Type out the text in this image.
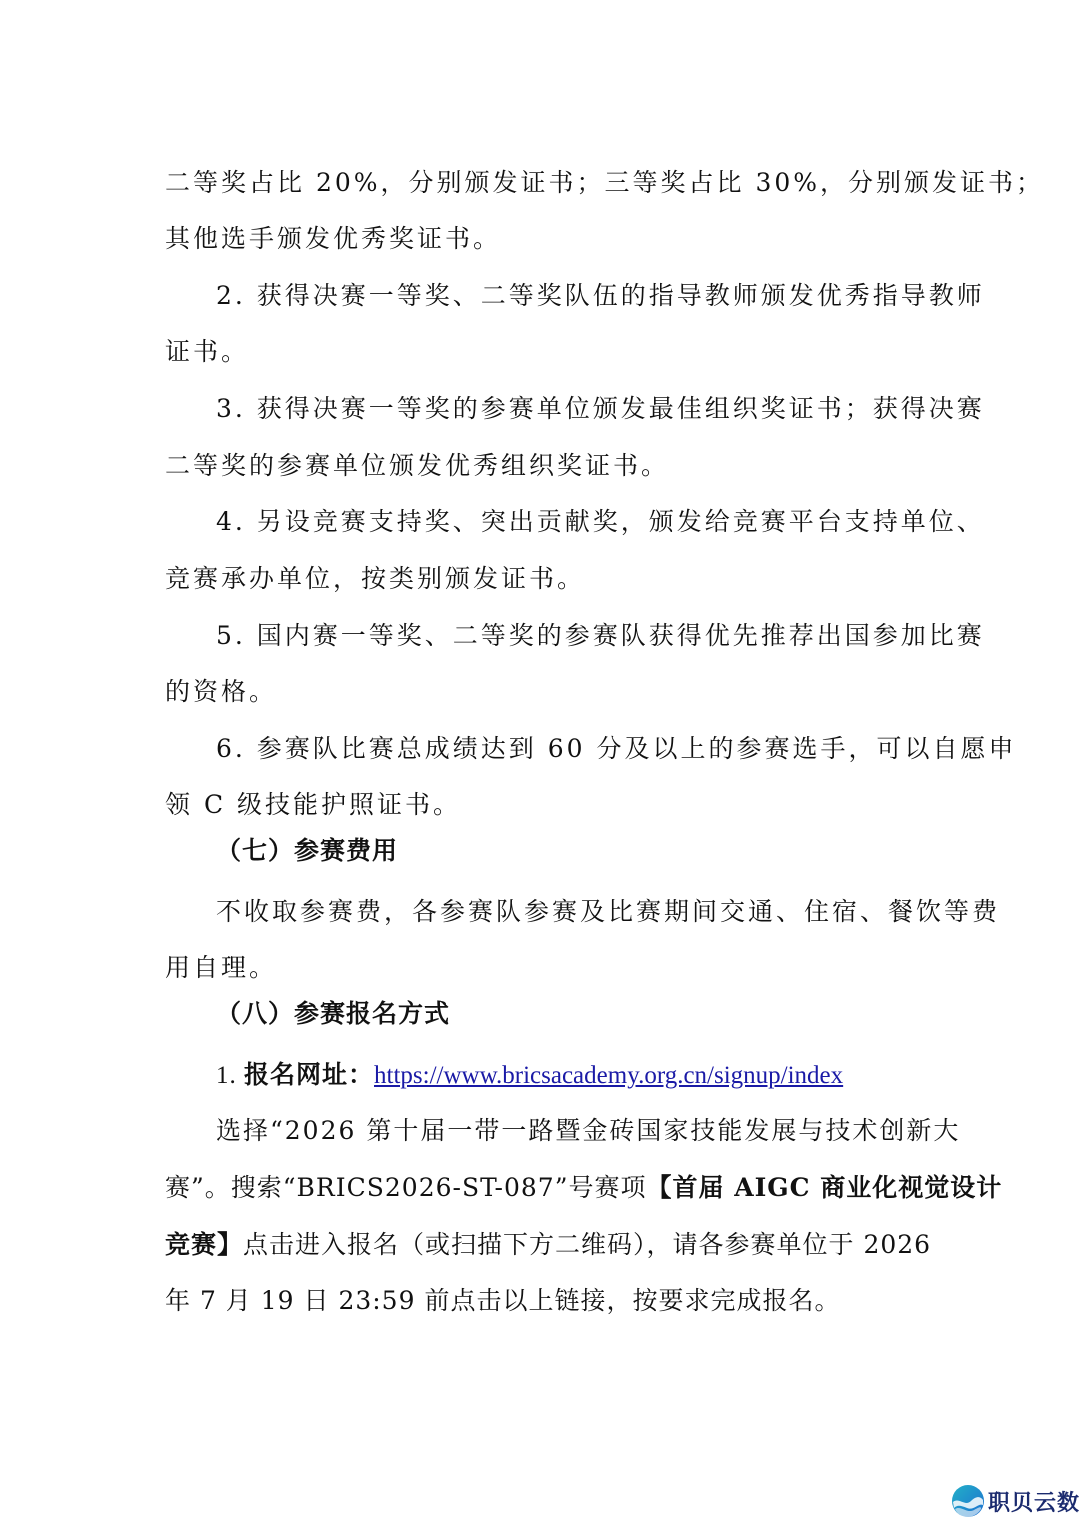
二等奖占比 20%，分别颁发证书；三等奖占比 30%，分别颁发证书；
其他选手颁发优秀奖证书。
2. 获得决赛一等奖、二等奖队伍的指导教师颁发优秀指导教师
证书。
3. 获得决赛一等奖的参赛单位颁发最佳组织奖证书；获得决赛
二等奖的参赛单位颁发优秀组织奖证书。
4. 另设竞赛支持奖、突出贡献奖，颁发给竞赛平台支持单位、
竞赛承办单位，按类别颁发证书。
5. 国内赛一等奖、二等奖的参赛队获得优先推荐出国参加比赛
的资格。
6. 参赛队比赛总成绩达到 60 分及以上的参赛选手，可以自愿申
领 C 级技能护照证书。
（七）参赛费用
不收取参赛费，各参赛队参赛及比赛期间交通、住宿、餐饮等费
用自理。
（八）参赛报名方式
1. 报名网址：https://www.bricsacademy.org.cn/signup/index
选择“2026 第十届一带一路暨金砖国家技能发展与技术创新大
赛”。搜索“BRICS2026-ST-087”号赛项【首届 AIGC 商业化视觉设计
竞赛】点击进入报名（或扫描下方二维码），请各参赛单位于 2026
年 7 月 19 日 23:59 前点击以上链接，按要求完成报名。
职贝云数
